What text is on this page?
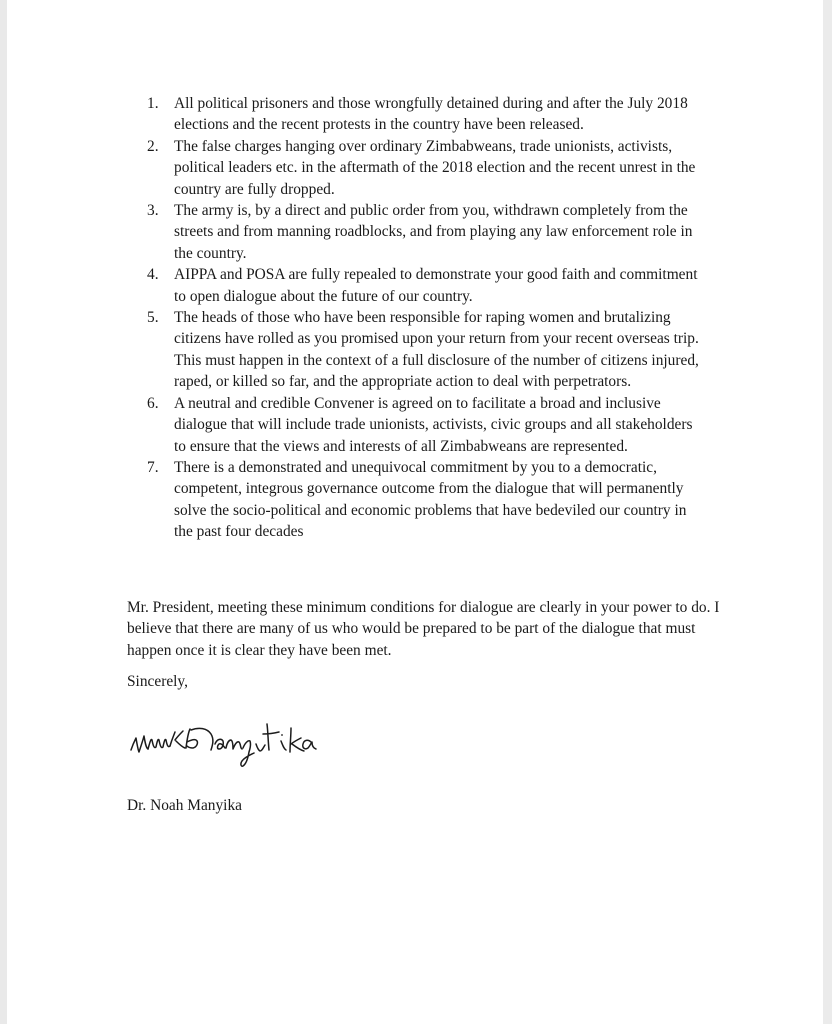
1.	All political prisoners and those wrongfully detained during and after the July 2018 elections and the recent protests in the country have been released.
2.	The false charges hanging over ordinary Zimbabweans, trade unionists, activists, political leaders etc. in the aftermath of the 2018 election and the recent unrest in the country are fully dropped.
3.	The army is, by a direct and public order from you, withdrawn completely from the streets and from manning roadblocks, and from playing any law enforcement role in the country.
4.	AIPPA and POSA are fully repealed to demonstrate your good faith and commitment to open dialogue about the future of our country.
5.	The heads of those who have been responsible for raping women and brutalizing citizens have rolled as you promised upon your return from your recent overseas trip. This must happen in the context of a full disclosure of the number of citizens injured, raped, or killed so far, and the appropriate action to deal with perpetrators.
6.	A neutral and credible Convener is agreed on to facilitate a broad and inclusive dialogue that will include trade unionists, activists, civic groups and all stakeholders to ensure that the views and interests of all Zimbabweans are represented.
7.	There is a demonstrated and unequivocal commitment by you to a democratic, competent, integrous governance outcome from the dialogue that will permanently solve the socio-political and economic problems that have bedeviled our country in the past four decades

Mr. President, meeting these minimum conditions for dialogue are clearly in your power to do. I believe that there are many of us who would be prepared to be part of the dialogue that must happen once it is clear they have been met.

Sincerely,

Dr. Noah Manyika
